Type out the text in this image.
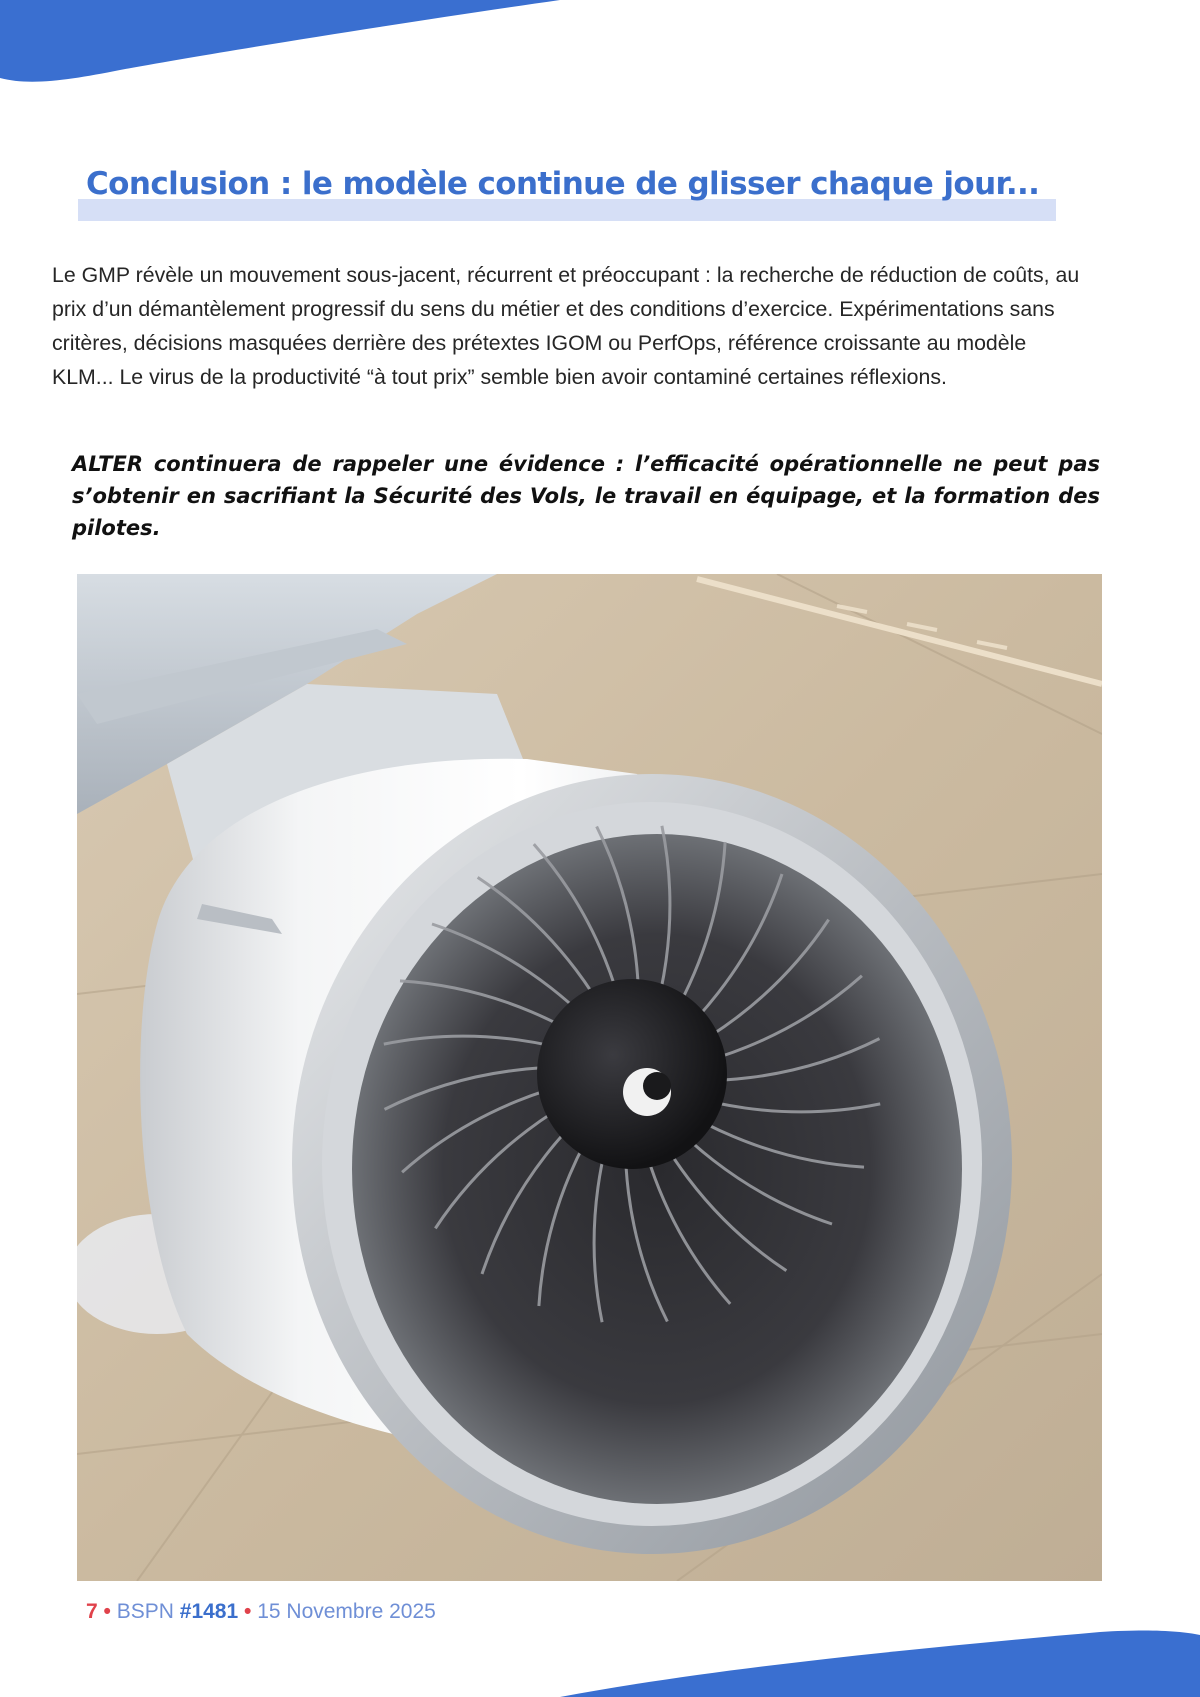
Conclusion : le modèle continue de glisser chaque jour...

Le GMP révèle un mouvement sous-jacent, récurrent et préoccupant : la recherche de réduction de coûts, au prix d’un démantèlement progressif du sens du métier et des conditions d’exercice. Expérimentations sans critères, décisions masquées derrière des prétextes IGOM ou PerfOps, référence croissante au modèle KLM... Le virus de la productivité “à tout prix” semble bien avoir contaminé certaines réflexions.

ALTER continuera de rappeler une évidence : l’efficacité opérationnelle ne peut pas s’obtenir en sacrifiant la Sécurité des Vols, le travail en équipage, et la formation des pilotes.

7 • BSPN #1481 • 15 Novembre 2025
